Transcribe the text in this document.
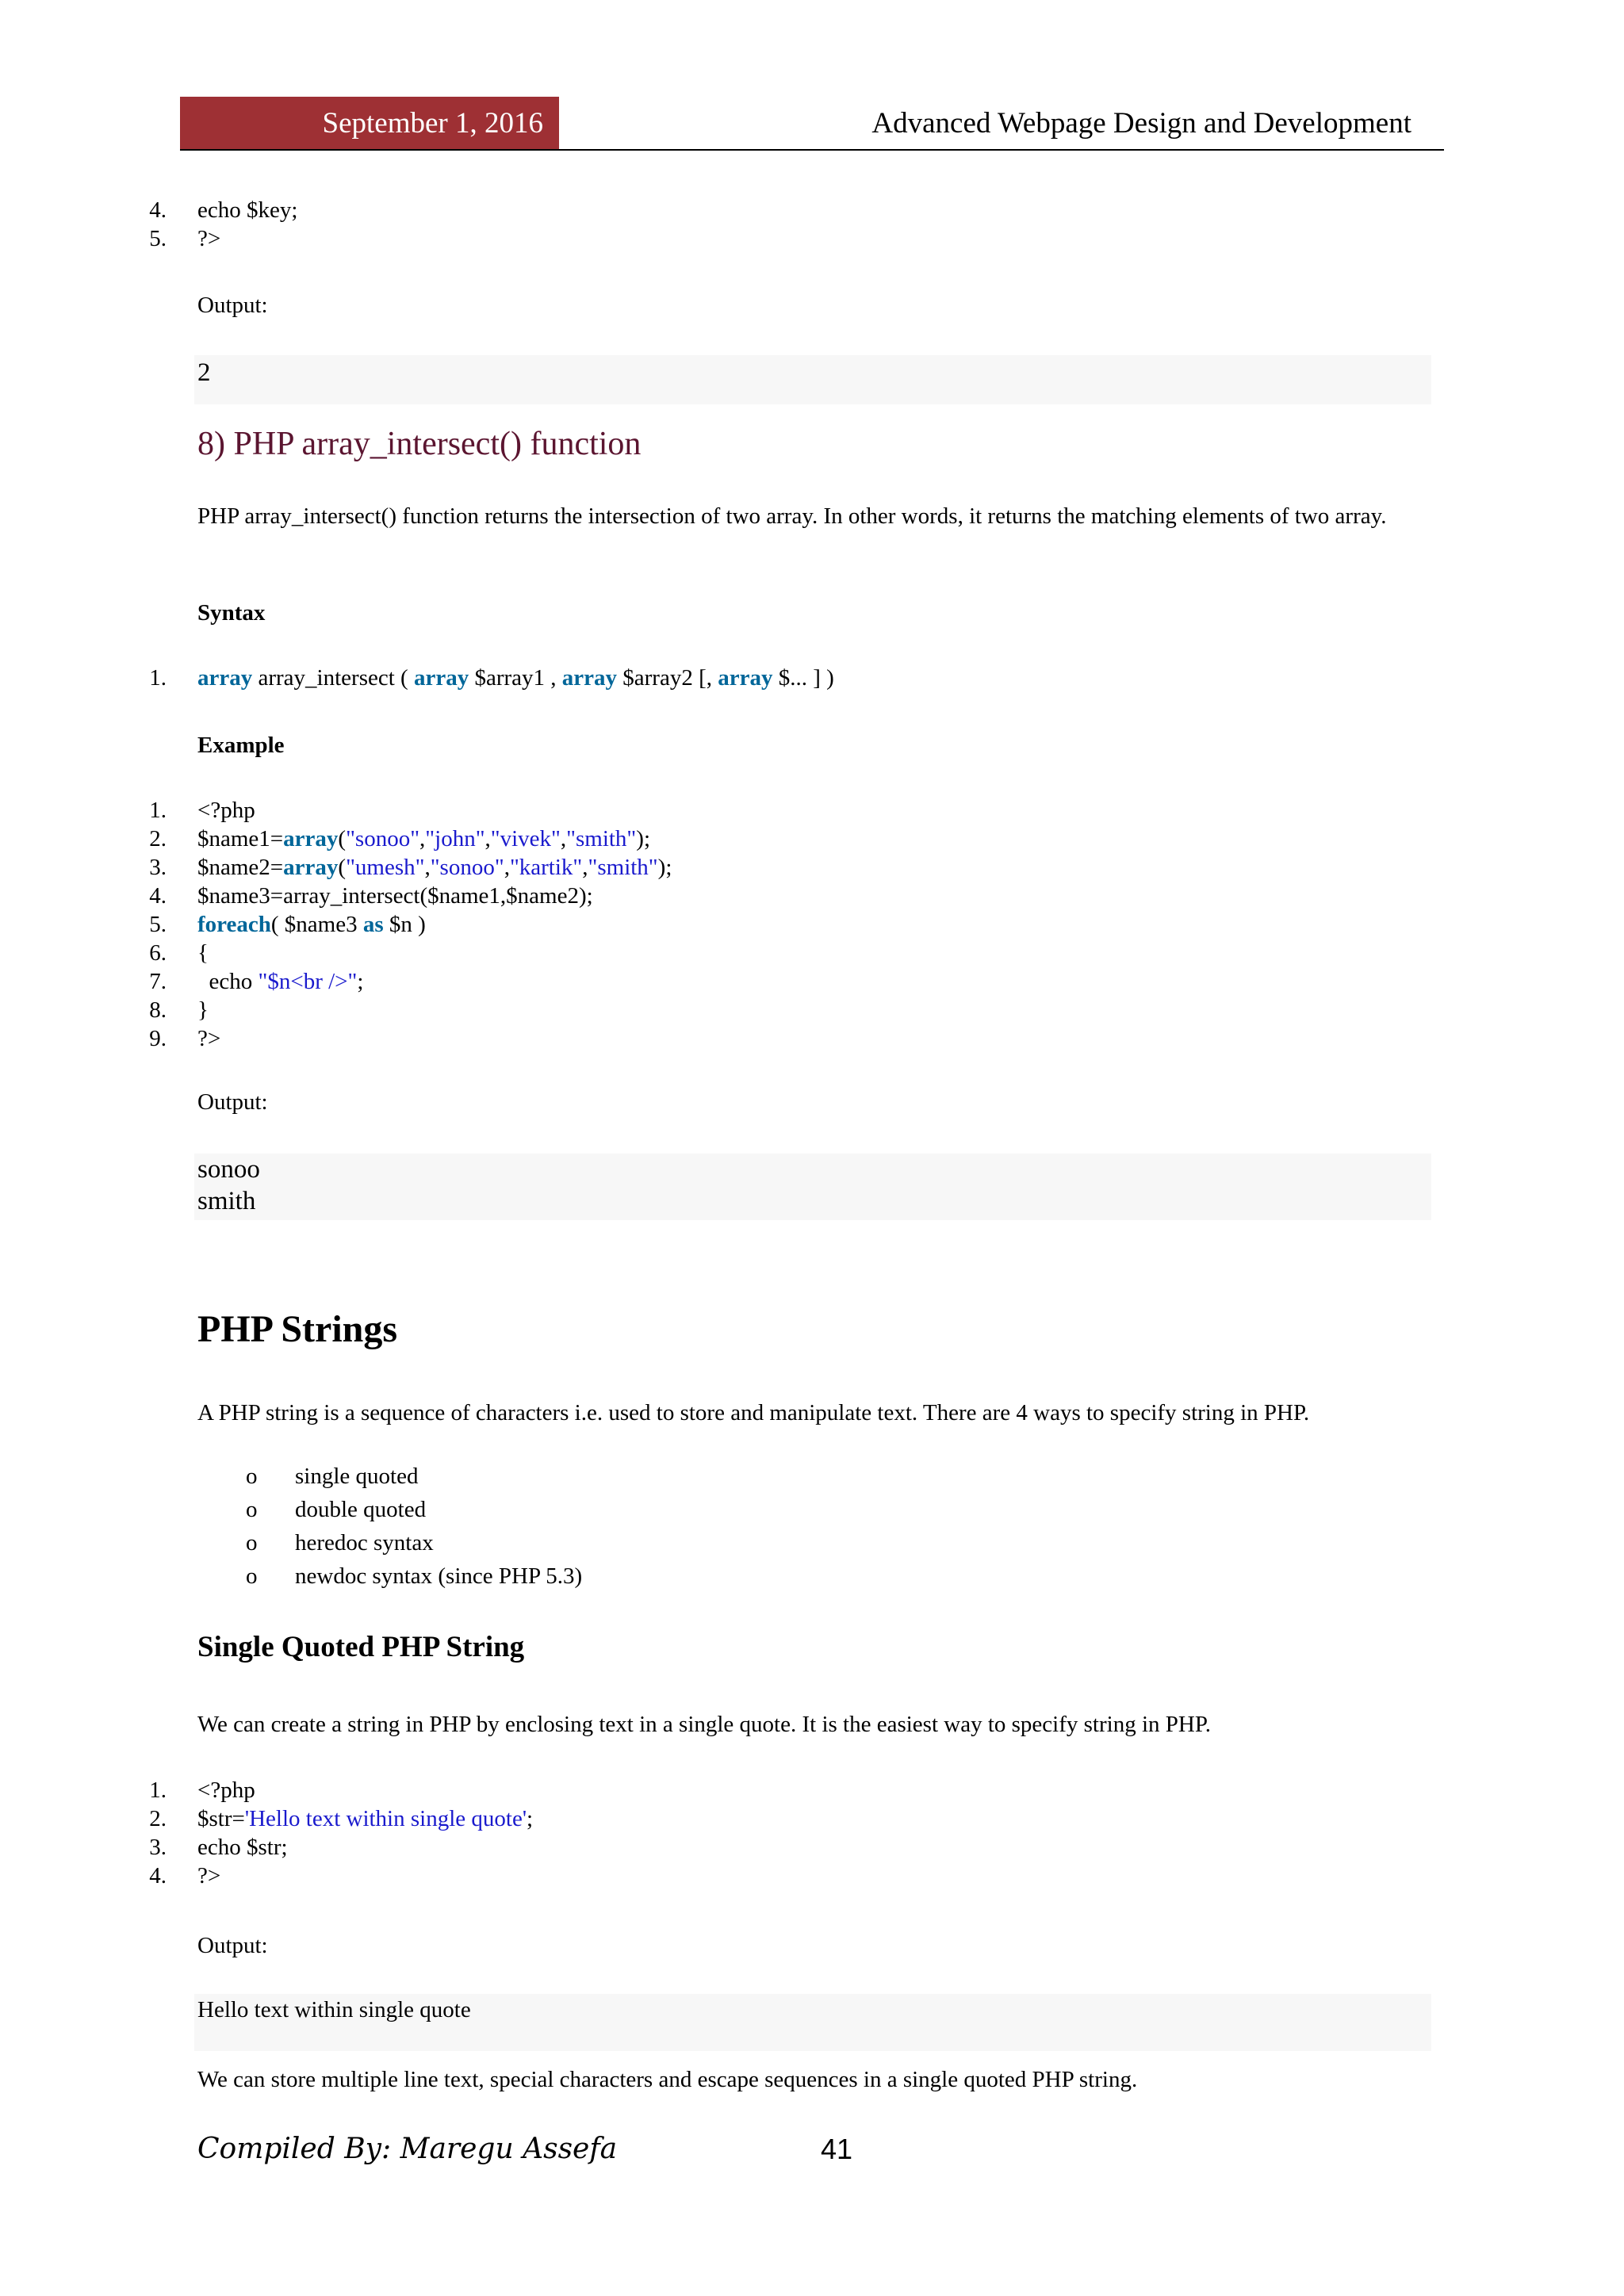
September 1, 2016	Advanced Webpage Design and Development
4. echo $key;
5. ?>
Output:
2
8) PHP array_intersect() function
PHP array_intersect() function returns the intersection of two array. In other words, it returns the matching elements of two array.
Syntax
1. array array_intersect ( array $array1 , array $array2 [, array $... ] )
Example
1.
2.
3.
4.
5.
6.
7.
8.
9.
<?php
$name1=array("sonoo","john","vivek","smith");
$name2=array("umesh","sonoo","kartik","smith");
$name3=array_intersect($name1,$name2);
foreach( $name3 as $n )
{
echo "$n<br />";
}
?>
Output:
sonoo
smith
PHP Strings
A PHP string is a sequence of characters i.e. used to store and manipulate text. There are 4 ways to specify string in PHP.
o single quoted
o double quoted
o heredoc syntax
o newdoc syntax (since PHP 5.3)
Single Quoted PHP String
We can create a string in PHP by enclosing text in a single quote. It is the easiest way to specify string in PHP.
1.
2.
3.
4.
<?php
$str='Hello text within single quote';
echo $str;
?>
Output:
Hello text within single quote
We can store multiple line text, special characters and escape sequences in a single quoted PHP string.
Compiled By: Maregu Assefa	41
